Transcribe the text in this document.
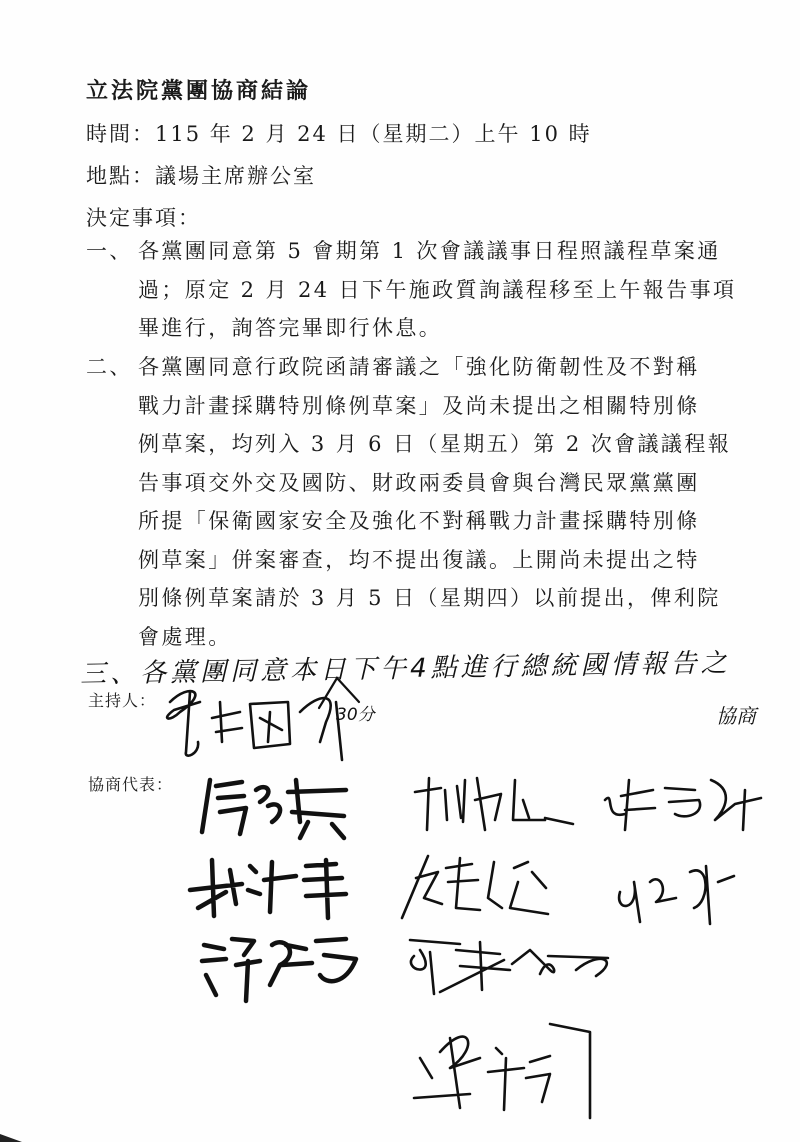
立法院黨團協商結論
時間：115 年 2 月 24 日（星期二）上午 10 時
地點：議場主席辦公室
決定事項：
一、 各黨團同意第 5 會期第 1 次會議議事日程照議程草案通
過；原定 2 月 24 日下午施政質詢議程移至上午報告事項
畢進行，詢答完畢即行休息。
二、 各黨團同意行政院函請審議之「強化防衛韌性及不對稱
戰力計畫採購特別條例草案」及尚未提出之相關特別條
例草案，均列入 3 月 6 日（星期五）第 2 次會議議程報
告事項交外交及國防、財政兩委員會與台灣民眾黨黨團
所提「保衛國家安全及強化不對稱戰力計畫採購特別條
例草案」併案審查，均不提出復議。上開尚未提出之特
別條例草案請於 3 月 5 日（星期四）以前提出，俾利院
會處理。
三、各黨團同意本日下午4點進行總統國情報告之
30分	協商
主持人：
協商代表：
